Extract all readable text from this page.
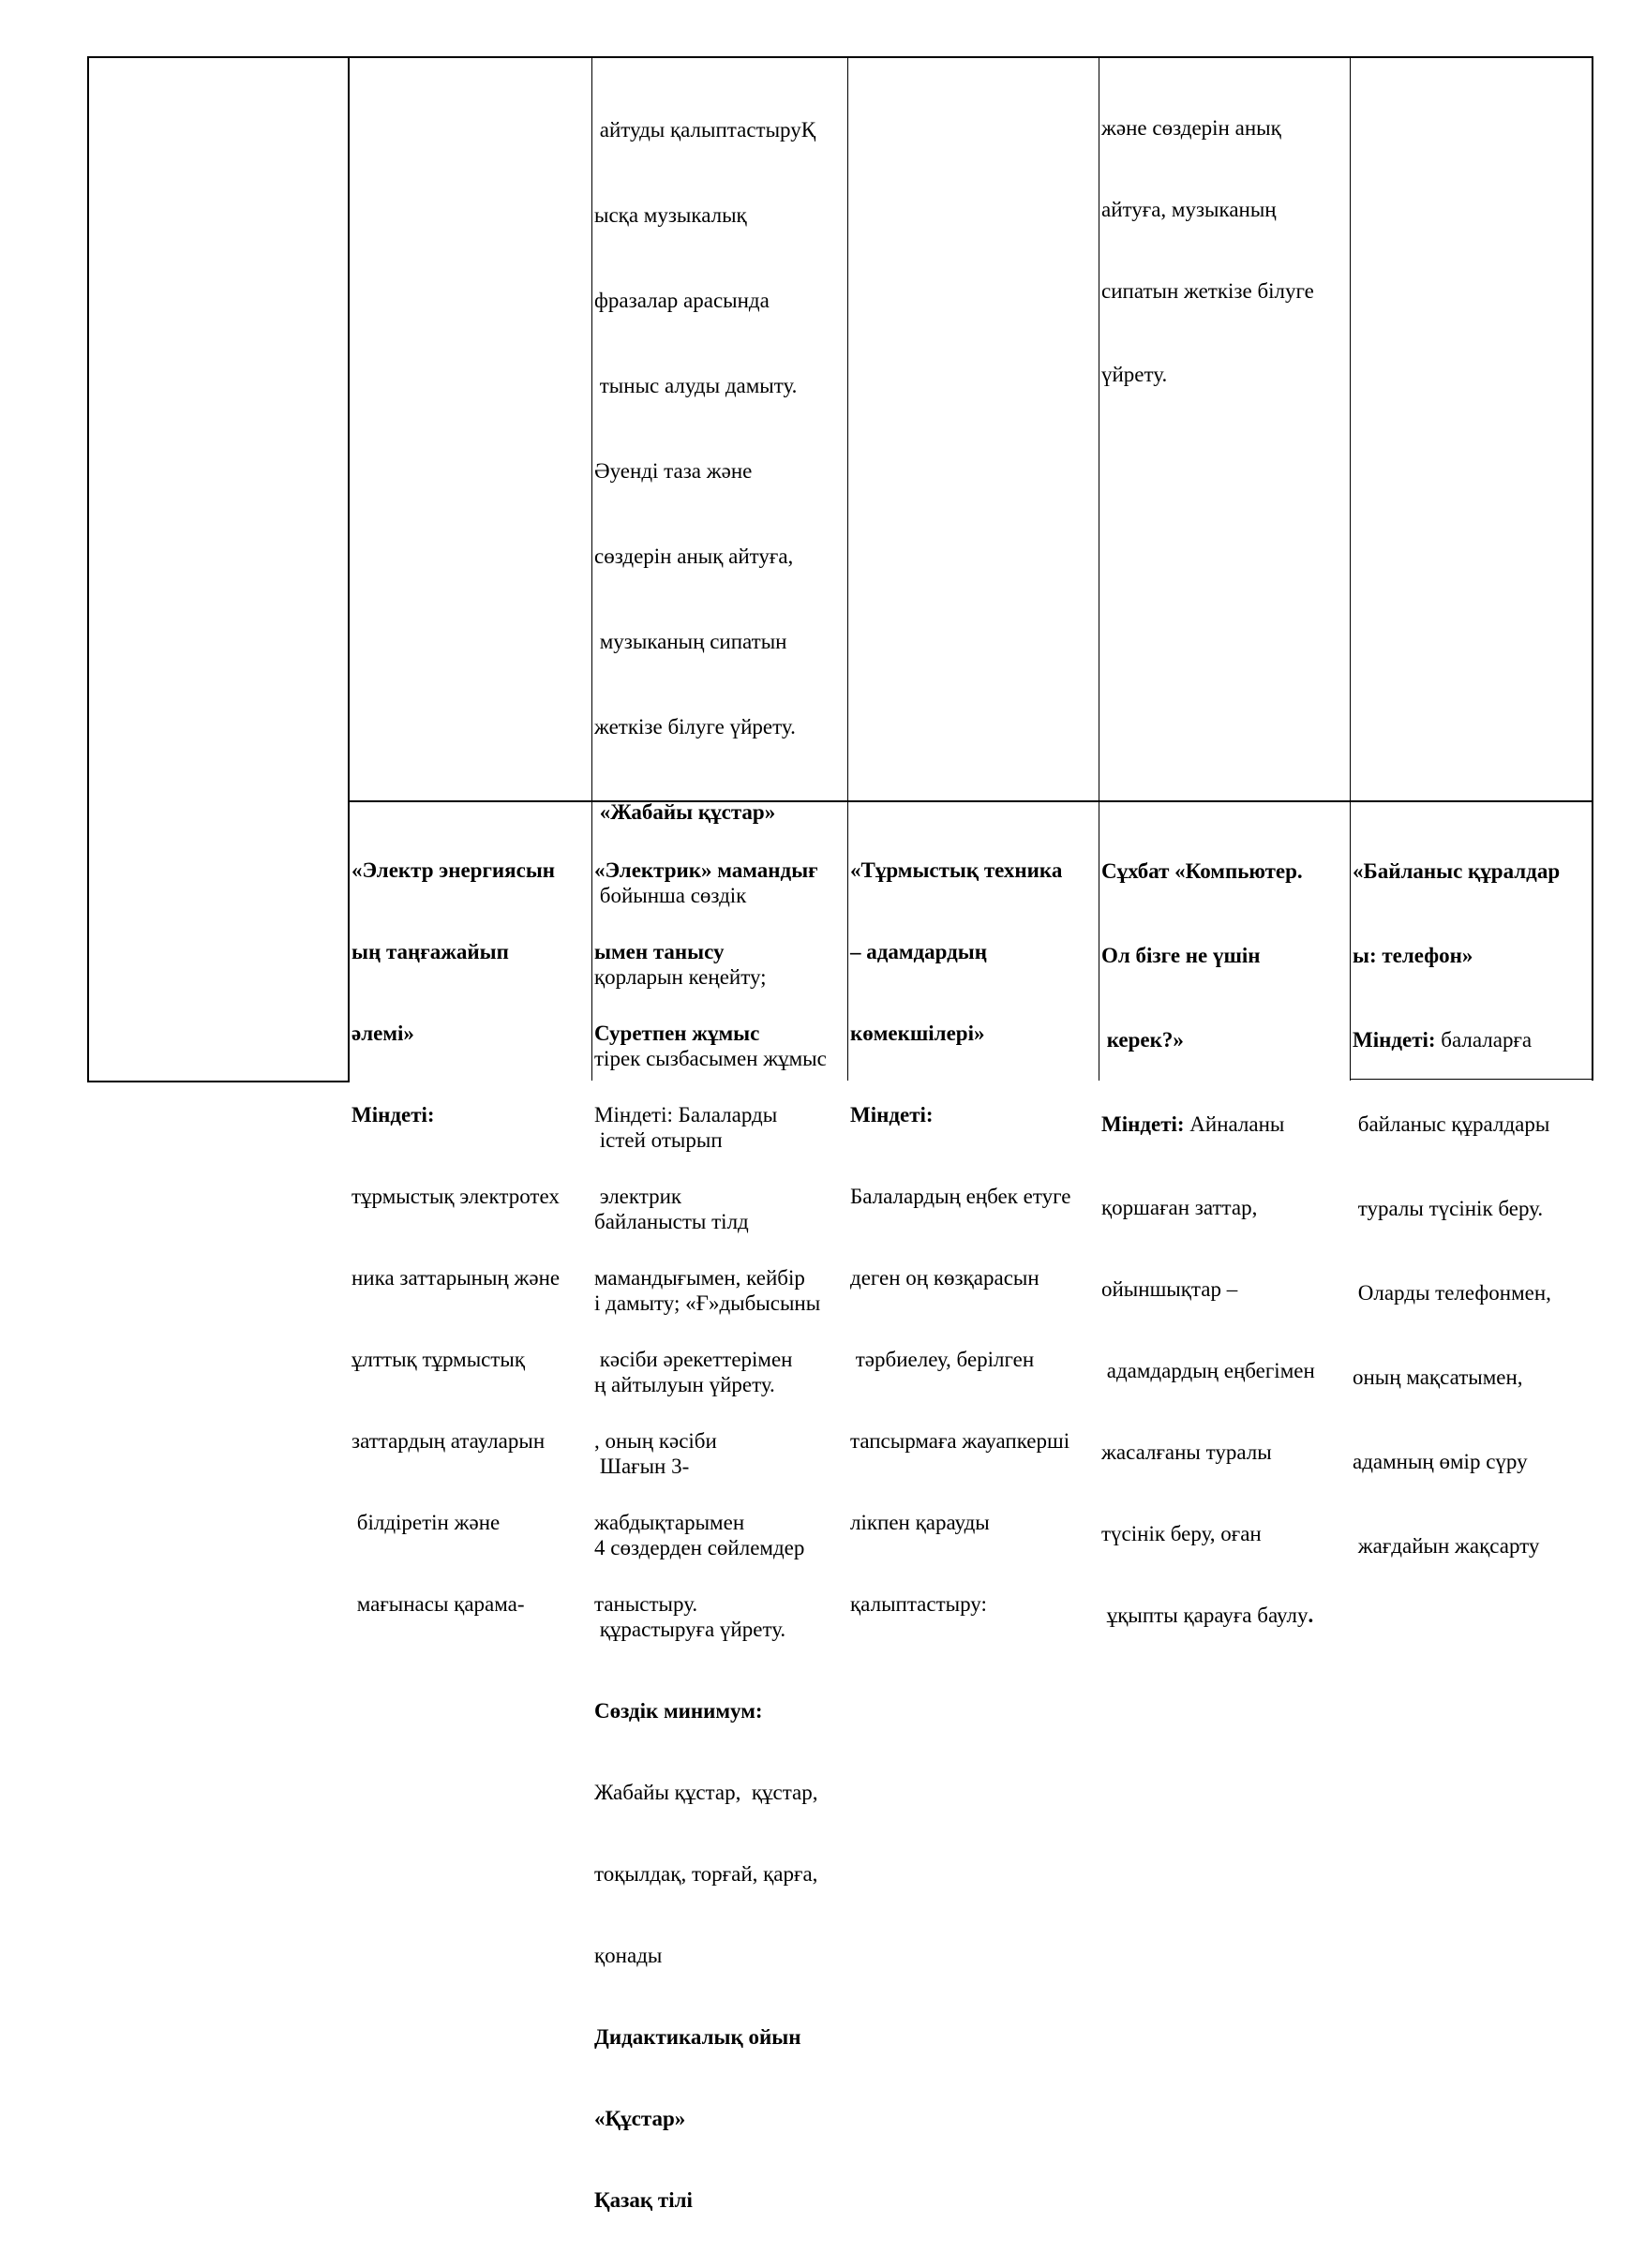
айтуды қалыптастыруҚ

ысқа музыкалық

фразалар арасында

тыныс алуды дамыту.

Әуенді таза және

сөздерін анық айтуға,

музыканың сипатын

жеткізе білуге үйрету.

«Жабайы құстар»

бойынша сөздік

қорларын кеңейту;

тірек сызбасымен жұмыс

істей отырып

байланысты тілд

і дамыту; «Ғ»дыбысыны

ң айтылуын үйрету.

Шағын 3-

4 сөздерден сөйлемдер

құрастыруға үйрету.

Сөздік минимум:

Жабайы құстар,  құстар,

тоқылдақ, торғай, қарға,

қонады

Дидактикалық ойын

«Құстар»

Қазақ тілі

және сөздерін анық

айтуға, музыканың

сипатын жеткізе білуге

үйрету.

«Электр энергиясын

ың таңғажайып

әлемі»

Міндеті:

тұрмыстық электротех

ника заттарының және

ұлттық тұрмыстық

заттардың атауларын

білдіретін және

мағынасы қарама-

«Электрик» мамандығ

ымен танысу

Суретпен жұмыс

Міндеті: Балаларды

электрик

мамандығымен, кейбір

кәсіби әрекеттерімен

, оның кәсіби

жабдықтарымен

таныстыру.

«Тұрмыстық техника

– адамдардың

көмекшілері»

Міндеті:

Балалардың еңбек етуге

деген оң көзқарасын

тәрбиелеу, берілген

тапсырмаға жауапкерші

лікпен қарауды

қалыптастыру:

Сұхбат «Компьютер.

Ол бізге не үшін

керек?»

Міндеті: Айналаны

қоршаған заттар,

ойыншықтар –

адамдардың еңбегімен

жасалғаны туралы

түсінік беру, оған

ұқыпты қарауға баулу.

«Байланыс құралдар

ы: телефон»

Міндеті: балаларға

байланыс құралдары

туралы түсінік беру.

Оларды телефонмен,

оның мақсатымен,

адамның өмір сүру

жағдайын жақсарту
